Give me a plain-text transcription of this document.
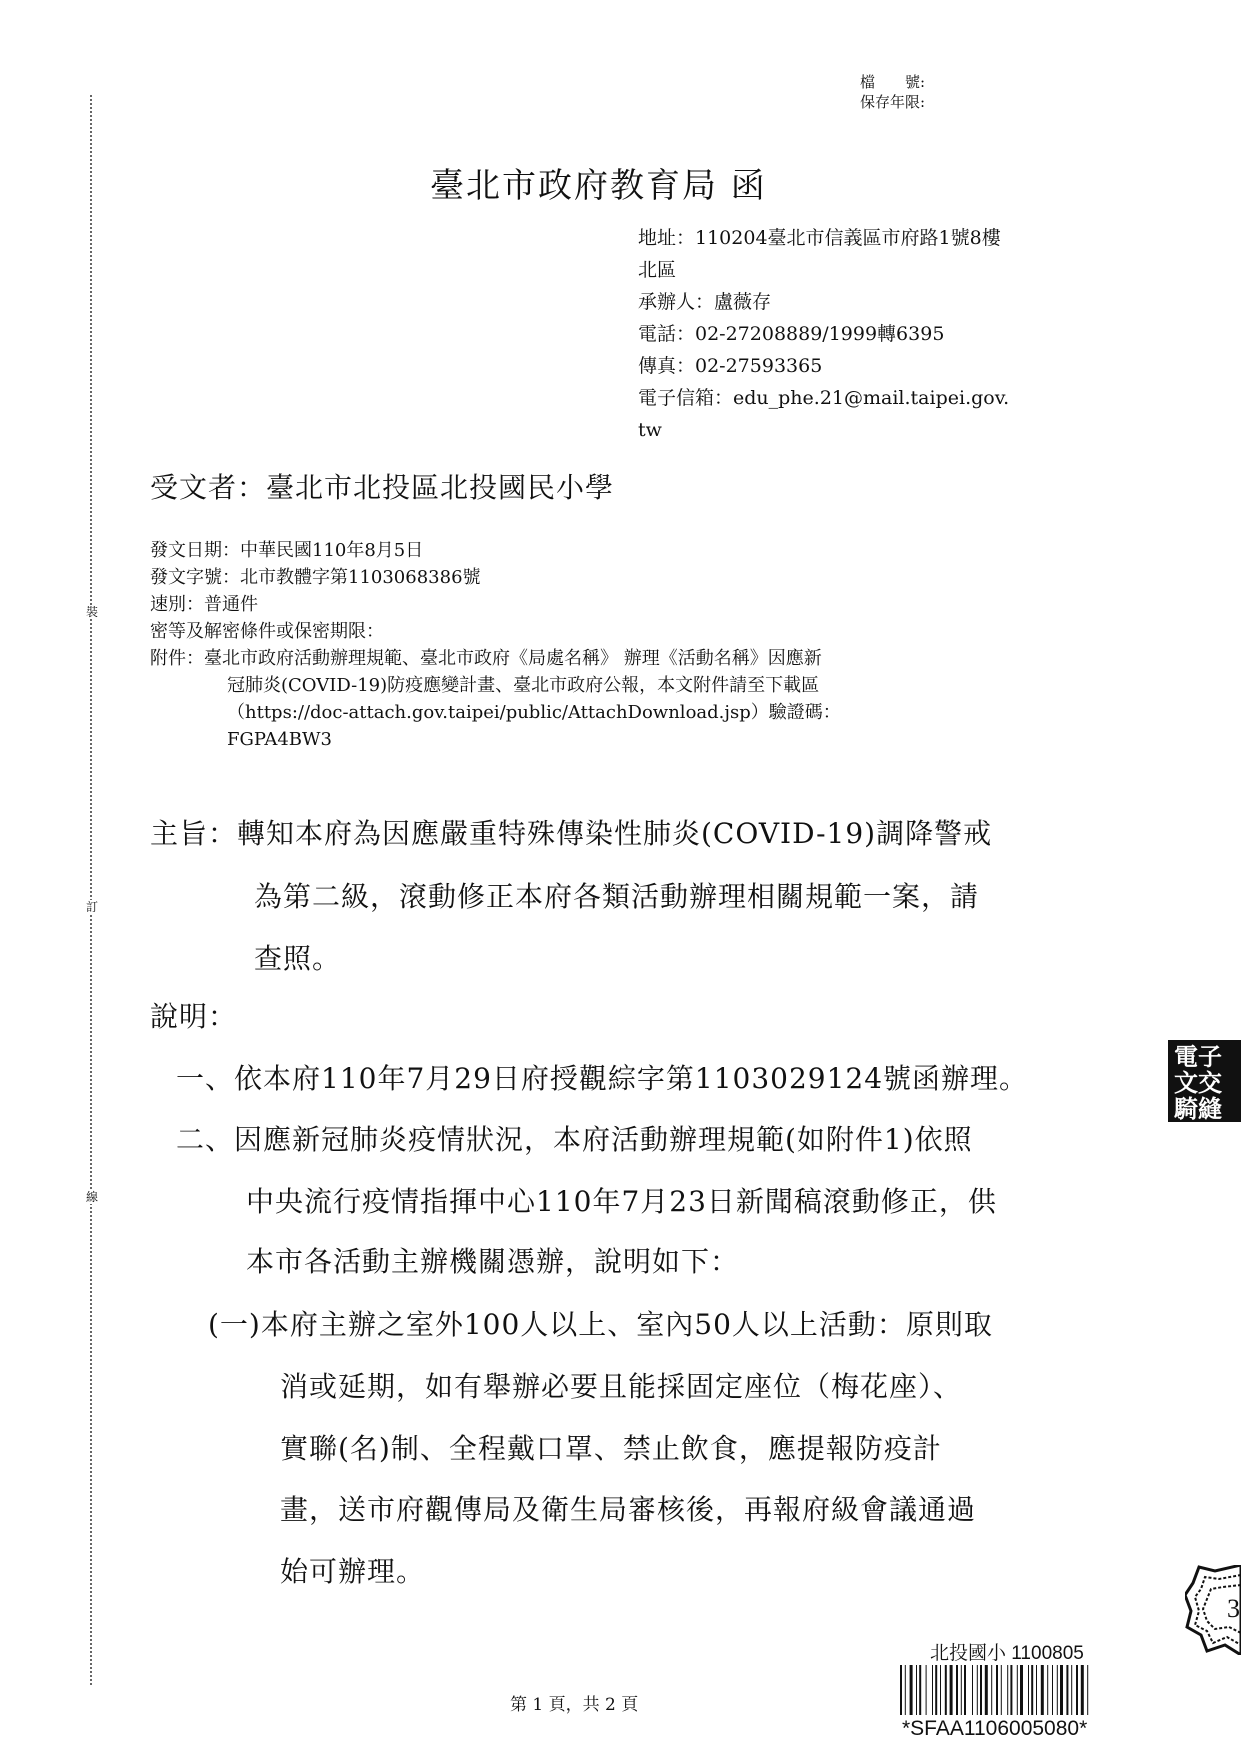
裝
訂
線
檔　　號:
保存年限:
臺北市政府教育局 函
地址：110204臺北市信義區市府路1號8樓
北區
承辦人：盧薇存
電話：02-27208889/1999轉6395
傳真：02-27593365
電子信箱：edu_phe.21@mail.taipei.gov.
tw
受文者：臺北市北投區北投國民小學
發文日期：中華民國110年8月5日
發文字號：北市教體字第1103068386號
速別：普通件
密等及解密條件或保密期限：
附件：臺北市政府活動辦理規範、臺北市政府《局處名稱》 辦理《活動名稱》因應新
冠肺炎(COVID-19)防疫應變計畫、臺北市政府公報，本文附件請至下載區
（https://doc-attach.gov.taipei/public/AttachDownload.jsp）驗證碼：
FGPA4BW3
主旨：轉知本府為因應嚴重特殊傳染性肺炎(COVID-19)調降警戒
為第二級，滾動修正本府各類活動辦理相關規範一案，請
查照。
說明：
一、依本府110年7月29日府授觀綜字第1103029124號函辦理。
二、因應新冠肺炎疫情狀況，本府活動辦理規範(如附件1)依照
中央流行疫情指揮中心110年7月23日新聞稿滾動修正，供
本市各活動主辦機關憑辦，說明如下：
(一)本府主辦之室外100人以上、室內50人以上活動：原則取
消或延期，如有舉辦必要且能採固定座位（梅花座）、
實聯(名)制、全程戴口罩、禁止飲食，應提報防疫計
畫，送市府觀傳局及衛生局審核後，再報府級會議通過
始可辦理。
電子
文交
騎縫
3
第 1 頁，共 2 頁
北投國小 1100805
*SFAA1106005080*
